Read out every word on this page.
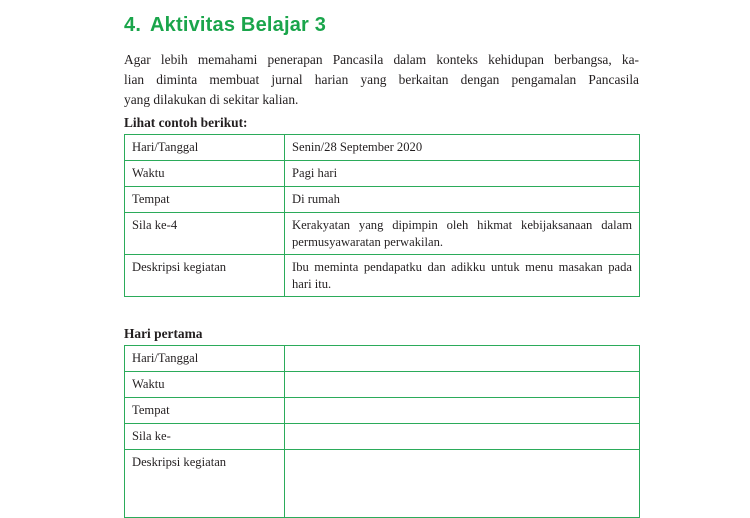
4. Aktivitas Belajar 3
Agar lebih memahami penerapan Pancasila dalam konteks kehidupan berbangsa, ka-
lian diminta membuat jurnal harian yang berkaitan dengan pengamalan Pancasila
yang dilakukan di sekitar kalian.
Lihat contoh berikut:
Hari/Tanggal	Senin/28 September 2020
Waktu	Pagi hari
Tempat	Di rumah
Sila ke-4	Kerakyatan yang dipimpin oleh hikmat kebijaksanaan dalam permusyawaratan perwakilan.
Deskripsi kegiatan	Ibu meminta pendapatku dan adikku untuk menu masakan pada hari itu.
Hari pertama
Hari/Tanggal	
Waktu	
Tempat	
Sila ke-	
Deskripsi kegiatan	
